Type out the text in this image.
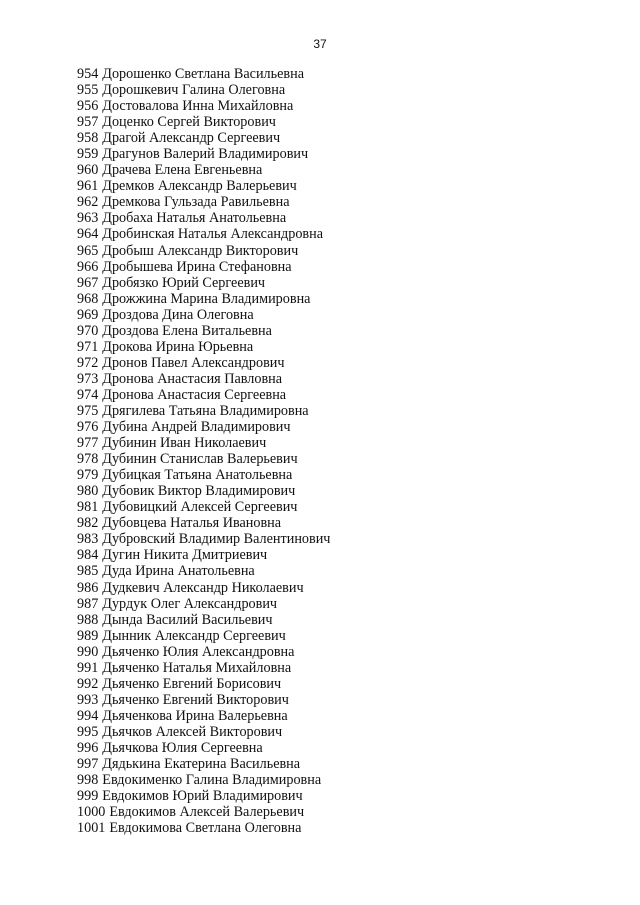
37
954 Дорошенко Светлана Васильевна
955 Дорошкевич Галина Олеговна
956 Достовалова Инна Михайловна
957 Доценко Сергей Викторович
958 Драгой Александр Сергеевич
959 Драгунов Валерий Владимирович
960 Драчева Елена Евгеньевна
961 Дремков Александр Валерьевич
962 Дремкова Гульзада Равильевна
963 Дробаха Наталья Анатольевна
964 Дробинская Наталья Александровна
965 Дробыш Александр Викторович
966 Дробышева Ирина Стефановна
967 Дробязко Юрий Сергеевич
968 Дрожжина Марина Владимировна
969 Дроздова Дина Олеговна
970 Дроздова Елена Витальевна
971 Дрокова Ирина Юрьевна
972 Дронов Павел Александрович
973 Дронова Анастасия Павловна
974 Дронова Анастасия Сергеевна
975 Дрягилева Татьяна Владимировна
976 Дубина Андрей Владимирович
977 Дубинин Иван Николаевич
978 Дубинин Станислав Валерьевич
979 Дубицкая Татьяна Анатольевна
980 Дубовик Виктор Владимирович
981 Дубовицкий Алексей Сергеевич
982 Дубовцева Наталья Ивановна
983 Дубровский Владимир Валентинович
984 Дугин Никита Дмитриевич
985 Дуда Ирина Анатольевна
986 Дудкевич Александр Николаевич
987 Дурдук Олег Александрович
988 Дында Василий Васильевич
989 Дынник Александр Сергеевич
990 Дьяченко Юлия Александровна
991 Дьяченко Наталья Михайловна
992 Дьяченко Евгений Борисович
993 Дьяченко Евгений Викторович
994 Дьяченкова Ирина Валерьевна
995 Дьячков Алексей Викторович
996 Дьячкова Юлия Сергеевна
997 Дядькина Екатерина Васильевна
998 Евдокименко Галина Владимировна
999 Евдокимов Юрий Владимирович
1000 Евдокимов Алексей Валерьевич
1001 Евдокимова Светлана Олеговна
